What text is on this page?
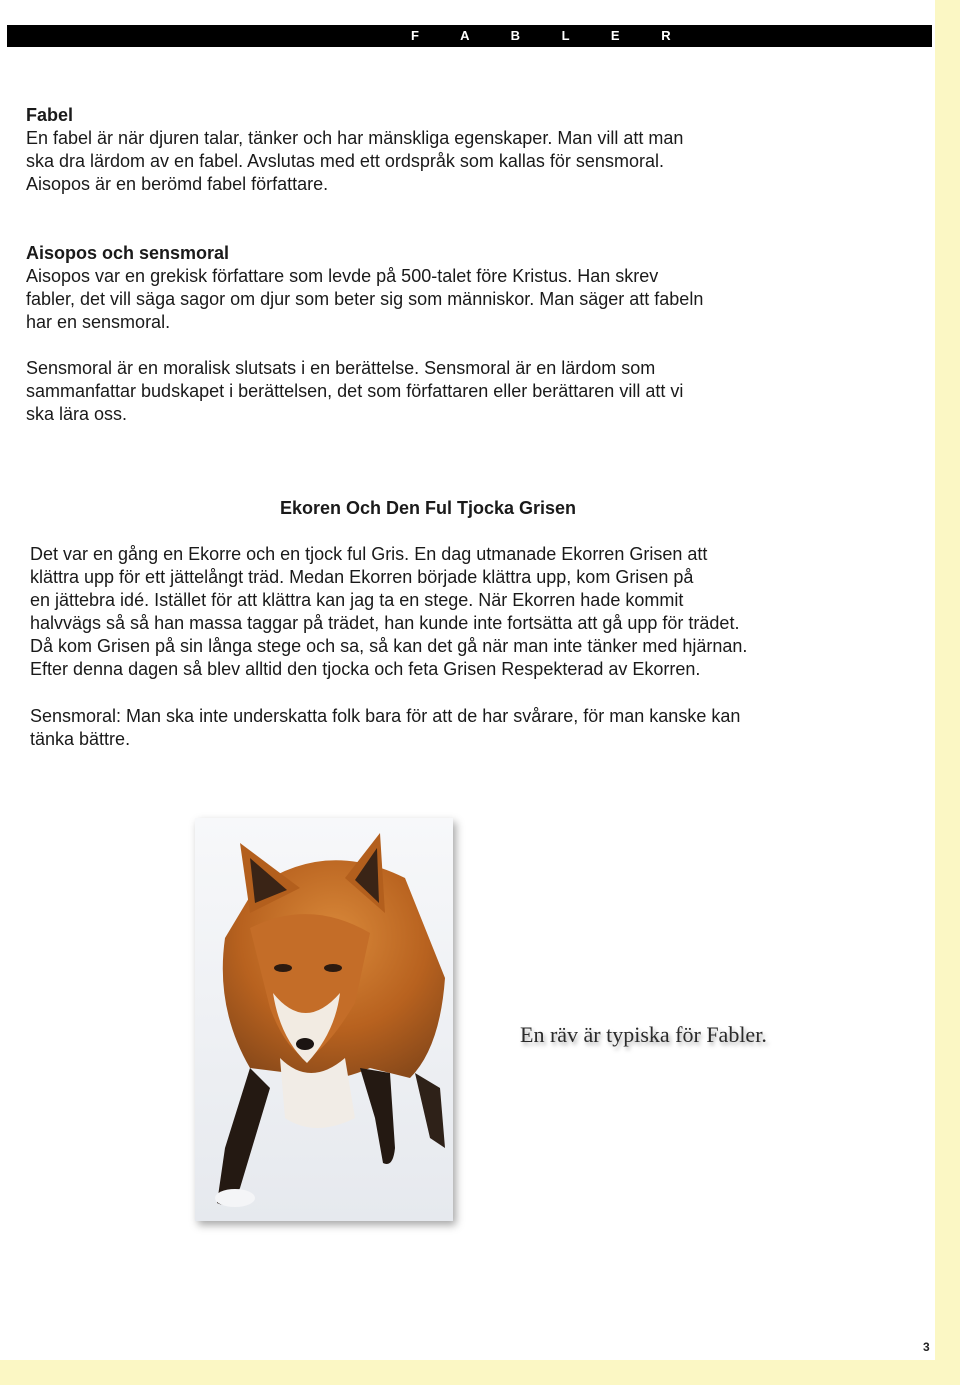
F A B L E R

Fabel

En fabel är när djuren talar, tänker och har mänskliga egenskaper. Man vill att man

ska dra lärdom av en fabel. Avslutas med ett ordspråk som kallas för sensmoral.

Aisopos är en berömd fabel författare.

Aisopos och sensmoral

Aisopos var en grekisk författare som levde på 500-talet före Kristus. Han skrev

fabler, det vill säga sagor om djur som beter sig som människor. Man säger att fabeln

har en sensmoral.

Sensmoral är en moralisk slutsats i en berättelse. Sensmoral är en lärdom som

sammanfattar budskapet i berättelsen, det som författaren eller berättaren vill att vi

ska lära oss.

Ekoren Och Den Ful Tjocka Grisen

Det var en gång en Ekorre och en tjock ful Gris. En dag utmanade Ekorren Grisen att

klättra upp för ett jättelångt träd. Medan Ekorren började klättra upp, kom Grisen på

en jättebra idé. Istället för att klättra kan jag ta en stege. När Ekorren hade kommit

halvvägs så så han massa taggar på trädet, han kunde inte fortsätta att gå upp för trädet.

Då kom Grisen på sin långa stege och sa, så kan det gå när man inte tänker med hjärnan.

Efter denna dagen så blev alltid den tjocka och feta Grisen Respekterad av Ekorren.

Sensmoral: Man ska inte underskatta folk bara för att de har svårare, för man kanske kan

tänka bättre.

En räv är typiska för Fabler.
3
